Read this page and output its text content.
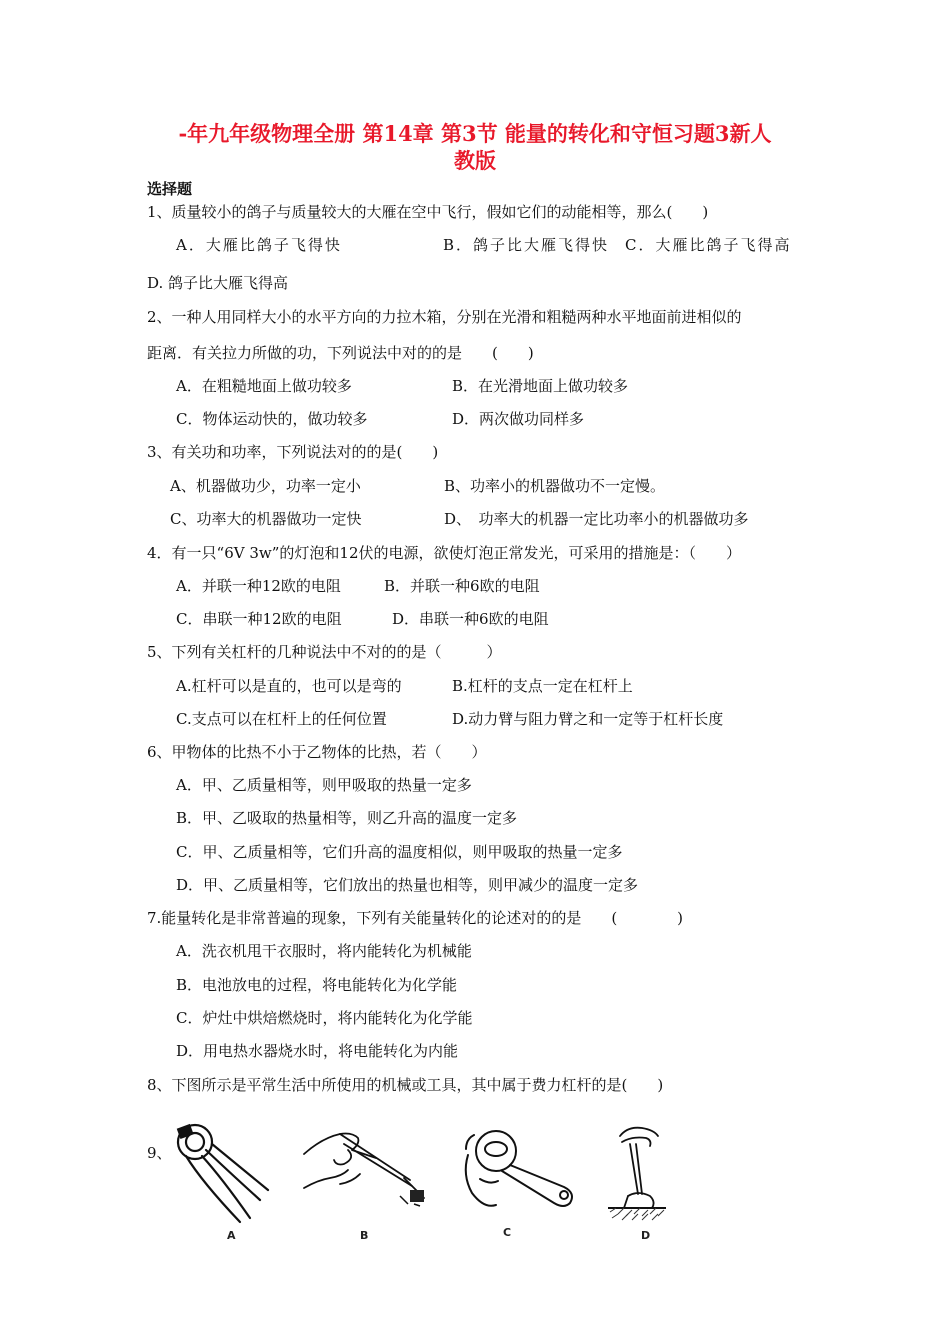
-年九年级物理全册 第14章 第3节 能量的转化和守恒习题3新人
教版
选择题
1、质量较小的鸽子与质量较大的大雁在空中飞行，假如它们的动能相等，那么(　　)
A．大雁比鸽子飞得快	B．鸽子比大雁飞得快 C．大雁比鸽子飞得高
D. 鸽子比大雁飞得高
2、一种人用同样大小的水平方向的力拉木箱，分别在光滑和粗糙两种水平地面前进相似的
距离．有关拉力所做的功，下列说法中对的的是　　(　　)
A．在粗糙地面上做功较多	B．在光滑地面上做功较多
C．物体运动快的，做功较多	D．两次做功同样多
3、有关功和功率，下列说法对的的是(　　)
A、机器做功少，功率一定小	B、功率小的机器做功不一定慢。
C、功率大的机器做功一定快	D、　功率大的机器一定比功率小的机器做功多
4．有一只“6V 3w”的灯泡和12伏的电源，欲使灯泡正常发光，可采用的措施是：（　　）
A．并联一种12欧的电阻	B．并联一种6欧的电阻
C．串联一种12欧的电阻	D．串联一种6欧的电阻
5、下列有关杠杆的几种说法中不对的的是（　　　）
A.杠杆可以是直的，也可以是弯的	B.杠杆的支点一定在杠杆上
C.支点可以在杠杆上的任何位置	D.动力臂与阻力臂之和一定等于杠杆长度
6、甲物体的比热不小于乙物体的比热，若（　　）
A．甲、乙质量相等，则甲吸取的热量一定多
B．甲、乙吸取的热量相等，则乙升高的温度一定多
C．甲、乙质量相等，它们升高的温度相似，则甲吸取的热量一定多
D．甲、乙质量相等，它们放出的热量也相等，则甲减少的温度一定多
7.能量转化是非常普遍的现象，下列有关能量转化的论述对的的是　　(　　　　)
A．洗衣机甩干衣服时，将内能转化为机械能
B．电池放电的过程，将电能转化为化学能
C．炉灶中烘焙燃烧时，将内能转化为化学能
D．用电热水器烧水时，将电能转化为内能
8、下图所示是平常生活中所使用的机械或工具，其中属于费力杠杆的是(　　)
9、
A	B	C	D
